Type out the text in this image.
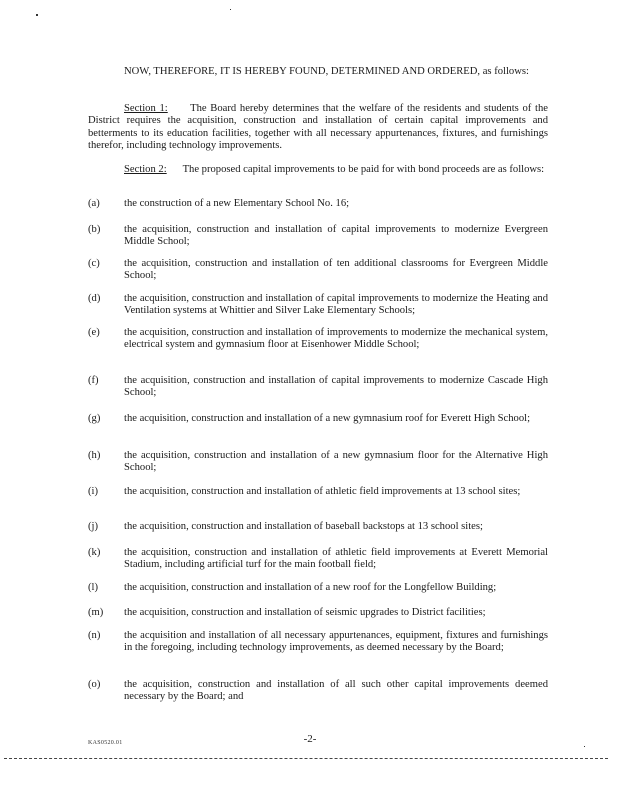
NOW, THEREFORE, IT IS HEREBY FOUND, DETERMINED AND ORDERED, as follows:
Section 1: The Board hereby determines that the welfare of the residents and students of the District requires the acquisition, construction and installation of certain capital improvements and betterments to its education facilities, together with all necessary appurtenances, fixtures, and furnishings therefor, including technology improvements.
Section 2: The proposed capital improvements to be paid for with bond proceeds are as follows:
(a)	the construction of a new Elementary School No. 16;
(b)	the acquisition, construction and installation of capital improvements to modernize Evergreen Middle School;
(c)	the acquisition, construction and installation of ten additional classrooms for Evergreen Middle School;
(d)	the acquisition, construction and installation of capital improvements to modernize the Heating and Ventilation systems at Whittier and Silver Lake Elementary Schools;
(e)	the acquisition, construction and installation of improvements to modernize the mechanical system, electrical system and gymnasium floor at Eisenhower Middle School;
(f)	the acquisition, construction and installation of capital improvements to modernize Cascade High School;
(g)	the acquisition, construction and installation of a new gymnasium roof for Everett High School;
(h)	the acquisition, construction and installation of a new gymnasium floor for the Alternative High School;
(i)	the acquisition, construction and installation of athletic field improvements at 13 school sites;
(j)	the acquisition, construction and installation of baseball backstops at 13 school sites;
(k)	the acquisition, construction and installation of athletic field improvements at Everett Memorial Stadium, including artificial turf for the main football field;
(l)	the acquisition, construction and installation of a new roof for the Longfellow Building;
(m)	the acquisition, construction and installation of seismic upgrades to District facilities;
(n)	the acquisition and installation of all necessary appurtenances, equipment, fixtures and furnishings in the foregoing, including technology improvements, as deemed necessary by the Board;
(o)	the acquisition, construction and installation of all such other capital improvements deemed necessary by the Board; and
KAS0520.01	-2-
